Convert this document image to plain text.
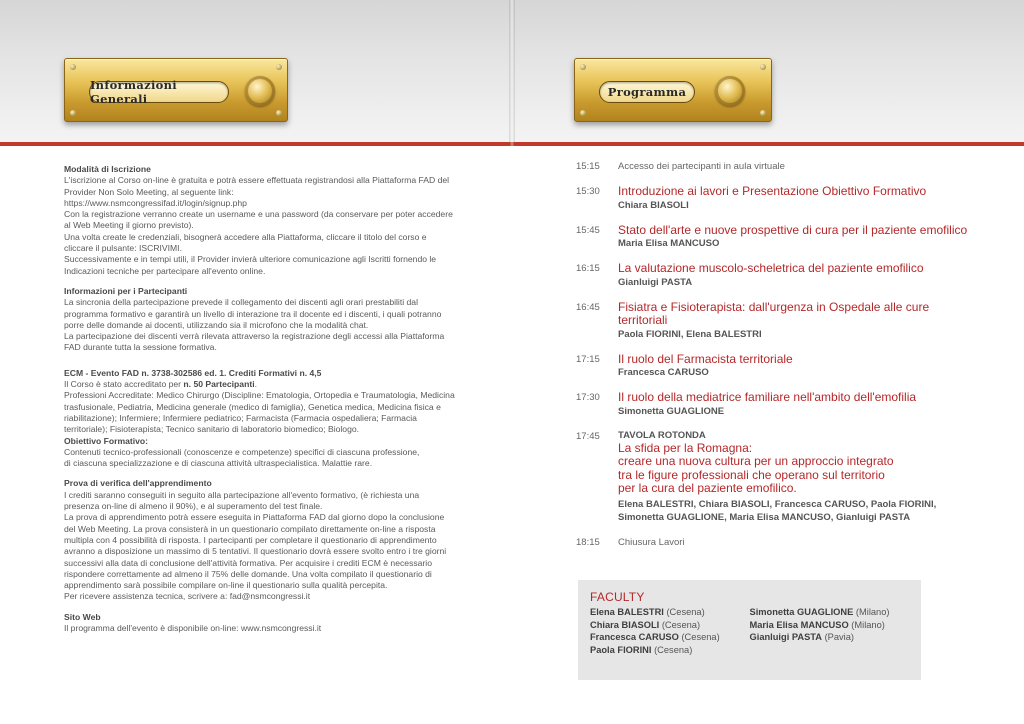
Informazioni Generali
Modalità di Iscrizione

L'iscrizione al Corso on-line è gratuita e potrà essere effettuata registrandosi alla Piattaforma FAD del Provider Non Solo Meeting, al seguente link:

https://www.nsmcongressifad.it/login/signup.php

Con la registrazione verranno create un username e una password (da conservare per poter accedere al Web Meeting il giorno previsto).

Una volta create le credenziali, bisognerà accedere alla Piattaforma, cliccare il titolo del corso e cliccare il pulsante: ISCRIVIMI.

Successivamente e in tempi utili, il Provider invierà ulteriore comunicazione agli Iscritti fornendo le Indicazioni tecniche per partecipare all'evento online.

Informazioni per i Partecipanti

La sincronia della partecipazione prevede il collegamento dei discenti agli orari prestabiliti dal programma formativo e garantirà un livello di interazione tra il docente ed i discenti, i quali potranno porre delle domande ai docenti, utilizzando sia il microfono che la modalità chat.

La partecipazione dei discenti verrà rilevata attraverso la registrazione degli accessi alla Piattaforma FAD durante tutta la sessione formativa.

ECM - Evento FAD n. 3738-302586 ed. 1. Crediti Formativi n. 4,5

Il Corso è stato accreditato per n. 50 Partecipanti.

Professioni Accreditate: Medico Chirurgo (Discipline: Ematologia, Ortopedia e Traumatologia, Medicina trasfusionale, Pediatria, Medicina generale (medico di famiglia), Genetica medica, Medicina fisica e riabilitazione); Infermiere; Infermiere pediatrico; Farmacista (Farmacia ospedaliera; Farmacia territoriale); Fisioterapista; Tecnico sanitario di laboratorio biomedico; Biologo.

Obiettivo Formativo:

Contenuti tecnico-professionali (conoscenze e competenze) specifici di ciascuna professione,

di ciascuna specializzazione e di ciascuna attività ultraspecialistica. Malattie rare.

Prova di verifica dell'apprendimento

I crediti saranno conseguiti in seguito alla partecipazione all'evento formativo, (è richiesta una presenza on-line di almeno il 90%), e al superamento del test finale.

La prova di apprendimento potrà essere eseguita in Piattaforma FAD dal giorno dopo la conclusione del Web Meeting. La prova consisterà in un questionario compilato direttamente on-line a risposta multipla con 4 possibilità di risposta. I partecipanti per completare il questionario di apprendimento avranno a disposizione un massimo di 5 tentativi. Il questionario dovrà essere svolto entro i tre giorni successivi alla data di conclusione dell'attività formativa. Per acquisire i crediti ECM è necessario rispondere correttamente ad almeno il 75% delle domande. Una volta compilato il questionario di apprendimento sarà possibile compilare on-line il questionario sulla qualità percepita.

Per ricevere assistenza tecnica, scrivere a: fad@nsmcongressi.it

Sito Web

Il programma dell'evento è disponibile on-line: www.nsmcongressi.it

Programma
15:15	Accesso dei partecipanti in aula virtuale
15:30	Introduzione ai lavori e Presentazione Obiettivo Formativo
Chiara BIASOLI
15:45	Stato dell'arte e nuove prospettive di cura per il paziente emofilico
Maria Elisa MANCUSO
16:15	La valutazione muscolo-scheletrica del paziente emofilico
Gianluigi PASTA
16:45	Fisiatra e Fisioterapista: dall'urgenza in Ospedale alle cure territoriali
Paola FIORINI, Elena BALESTRI
17:15	Il ruolo del Farmacista territoriale
Francesca CARUSO
17:30	Il ruolo della mediatrice familiare nell'ambito dell'emofilia
Simonetta GUAGLIONE
17:45	TAVOLA ROTONDA
La sfida per la Romagna:
creare una nuova cultura per un approccio integrato
tra le figure professionali che operano sul territorio
per la cura del paziente emofilico.
Elena BALESTRI, Chiara BIASOLI, Francesca CARUSO, Paola FIORINI,
Simonetta GUAGLIONE, Maria Elisa MANCUSO, Gianluigi PASTA
18:15	Chiusura Lavori
FACULTY
Elena BALESTRI (Cesena)
Chiara BIASOLI (Cesena)
Francesca CARUSO (Cesena)
Paola FIORINI (Cesena)
Simonetta GUAGLIONE (Milano)
Maria Elisa MANCUSO (Milano)
Gianluigi PASTA (Pavia)
